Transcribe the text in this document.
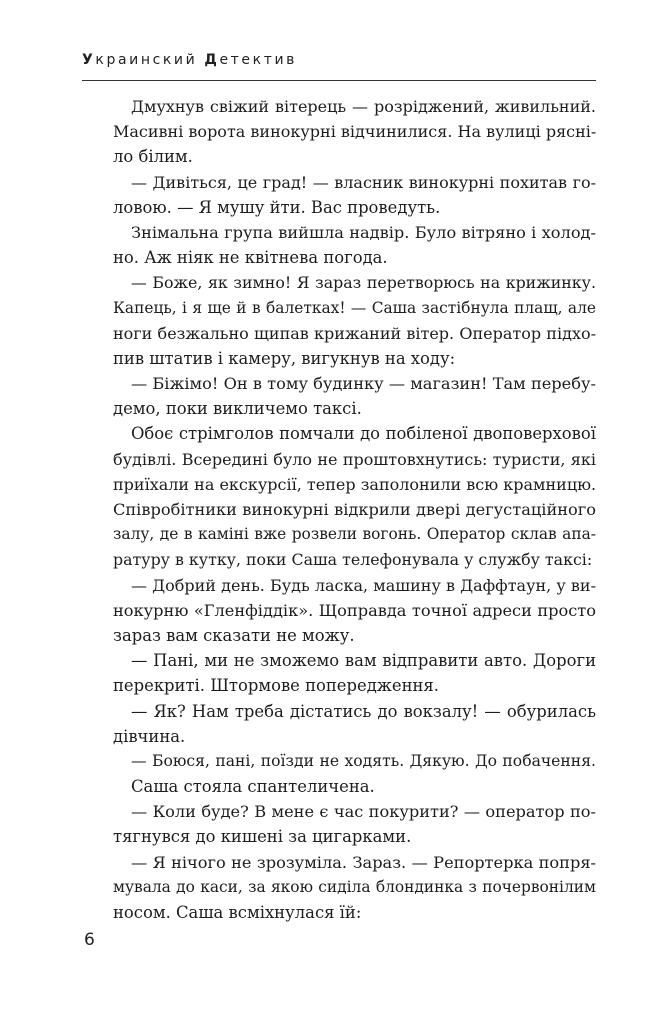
Украинский Детектив
Дмухнув свіжий вітерець — розріджений, живильний.
Масивні ворота винокурні відчинилися. На вулиці рясні-
ло білим.
— Дивіться, це град! — власник винокурні похитав го-
ловою. — Я мушу йти. Вас проведуть.
Знімальна група вийшла надвір. Було вітряно і холод-
но. Аж ніяк не квітнева погода.
— Боже, як зимно! Я зараз перетворюсь на крижинку.
Капець, і я ще й в балетках! — Саша застібнула плащ, але
ноги безжально щипав крижаний вітер. Оператор підхо-
пив штатив і камеру, вигукнув на ходу:
— Біжімо! Он в тому будинку — магазин! Там перебу-
демо, поки викличемо таксі.
Обоє стрімголов помчали до побіленої двоповерхової
будівлі. Всередині було не проштовхнутись: туристи, які
приїхали на екскурсії, тепер заполонили всю крамницю.
Співробітники винокурні відкрили двері дегустаційного
залу, де в каміні вже розвели вогонь. Оператор склав апа-
ратуру в кутку, поки Саша телефонувала у службу таксі:
— Добрий день. Будь ласка, машину в Даффтаун, у ви-
нокурню «Гленфіддік». Щоправда точної адреси просто
зараз вам сказати не можу.
— Пані, ми не зможемо вам відправити авто. Дороги
перекриті. Штормове попередження.
— Як? Нам треба дістатись до вокзалу! — обурилась
дівчина.
— Боюся, пані, поїзди не ходять. Дякую. До побачення.
Саша стояла спантеличена.
— Коли буде? В мене є час покурити? — оператор по-
тягнувся до кишені за цигарками.
— Я нічого не зрозуміла. Зараз. — Репортерка попря-
мувала до каси, за якою сиділа блондинка з почервонілим
носом. Саша всміхнулася їй:
6
